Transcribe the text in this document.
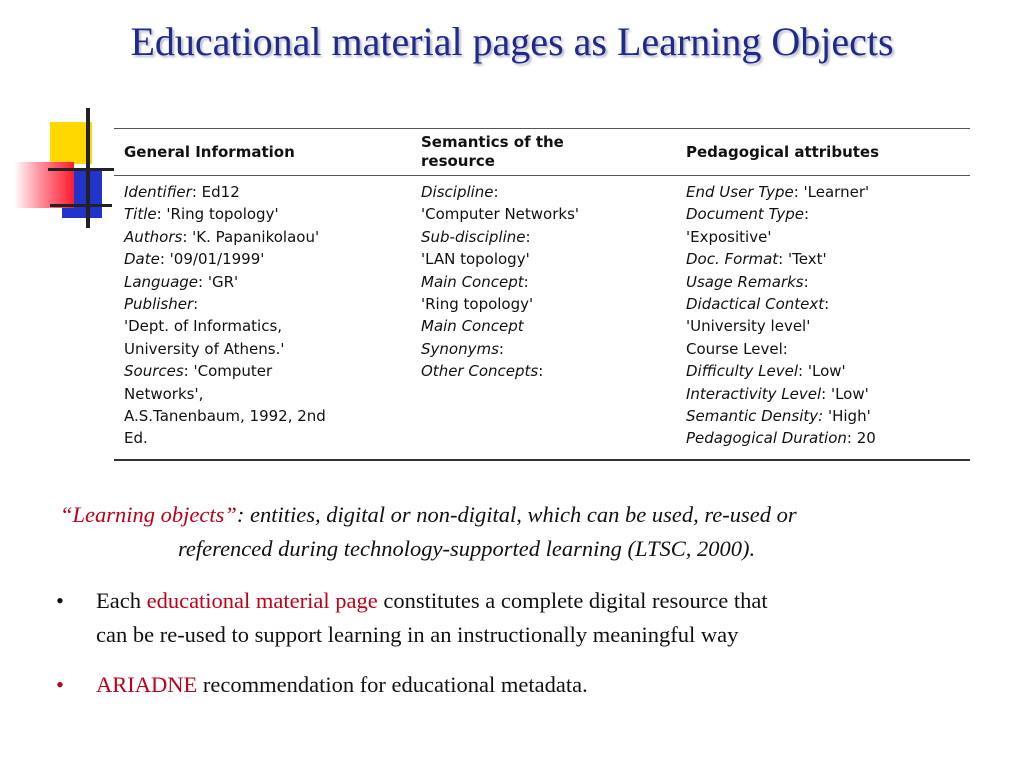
Educational material pages as Learning Objects
General Information
Identifier: Ed12
Title: 'Ring topology'
Authors: 'K. Papanikolaou'
Date: '09/01/1999'
Language: 'GR'
Publisher:
'Dept. of Informatics,
University of Athens.'
Sources: 'Computer
Networks',
A.S.Tanenbaum, 1992, 2nd
Ed.
Semantics of the
resource
Discipline:
'Computer Networks'
Sub-discipline:
'LAN topology'
Main Concept:
'Ring topology'
Main Concept
Synonyms:
Other Concepts:
Pedagogical attributes
End User Type: 'Learner'
Document Type:
'Expositive'
Doc. Format: 'Text'
Usage Remarks:
Didactical Context:
'University level'
Course Level:
Difficulty Level: 'Low'
Interactivity Level: 'Low'
Semantic Density: 'High'
Pedagogical Duration: 20
“Learning objects”: entities, digital or non-digital, which can be used, re-used or
referenced during technology-supported learning (LTSC, 2000).
• Each educational material page constitutes a complete digital resource that
can be re-used to support learning in an instructionally meaningful way
• ARIADNE recommendation for educational metadata.
